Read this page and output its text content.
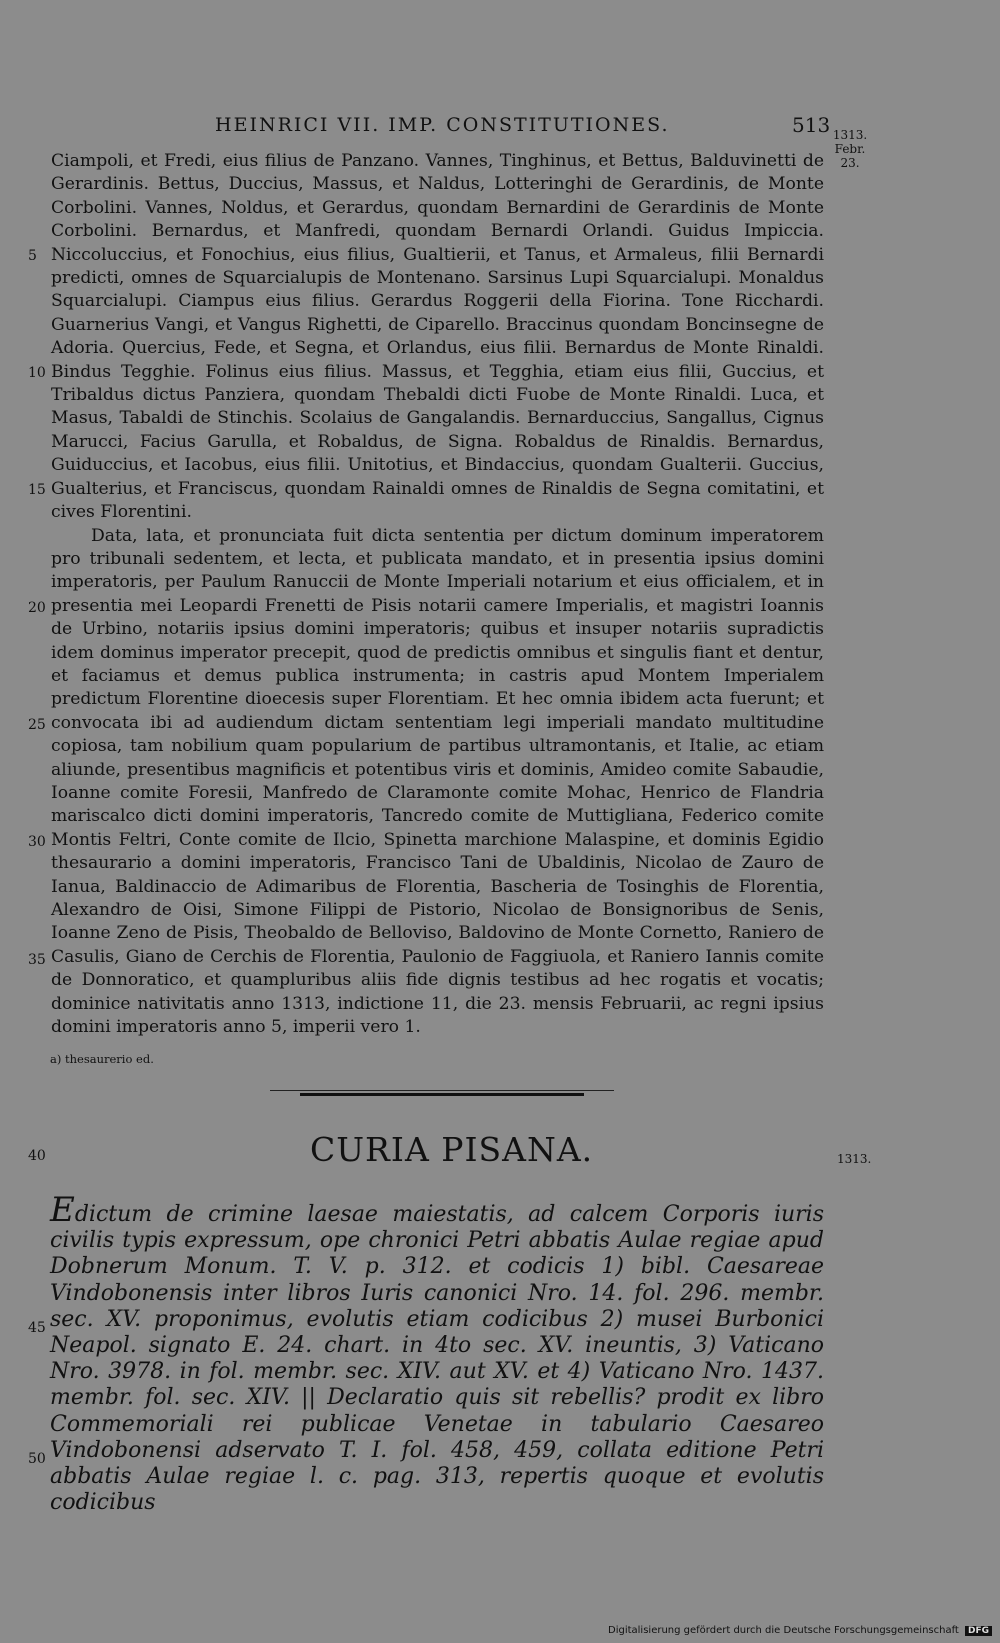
HEINRICI VII. IMP. CONSTITUTIONES.	513 1313.
Febr.
23.
5
10
15
20
25
30
35

Ciampoli, et Fredi, eius filius de Panzano. Vannes, Tinghinus, et Bettus, Balduvinetti de Gerardinis. Bettus, Duccius, Massus, et Naldus, Lotteringhi de Gerardinis, de Monte Corbolini. Vannes, Noldus, et Gerardus, quondam Bernardini de Gerardinis de Monte Corbolini. Bernardus, et Manfredi, quondam Bernardi Orlandi. Guidus Impiccia. Niccoluccius, et Fonochius, eius filius, Gualtierii, et Tanus, et Armaleus, filii Bernardi predicti, omnes de Squarcialupis de Montenano. Sarsinus Lupi Squarcialupi. Monaldus Squarcialupi. Ciampus eius filius. Gerardus Roggerii della Fiorina. Tone Ricchardi. Guarnerius Vangi, et Vangus Righetti, de Ciparello. Braccinus quondam Boncinsegne de Adoria. Quercius, Fede, et Segna, et Orlandus, eius filii. Bernardus de Monte Rinaldi. Bindus Tegghie. Folinus eius filius. Massus, et Tegghia, etiam eius filii, Guccius, et Tribaldus dictus Panziera, quondam Thebaldi dicti Fuobe de Monte Rinaldi. Luca, et Masus, Tabaldi de Stinchis. Scolaius de Gangalandis. Bernarduccius, Sangallus, Cignus Marucci, Facius Garulla, et Robaldus, de Signa. Robaldus de Rinaldis. Bernardus, Guiduccius, et Iacobus, eius filii. Unitotius, et Bindaccius, quondam Gualterii. Guccius, Gualterius, et Franciscus, quondam Rainaldi omnes de Rinaldis de Segna comitatini, et cives Florentini.

Data, lata, et pronunciata fuit dicta sententia per dictum dominum imperatorem pro tribunali sedentem, et lecta, et publicata mandato, et in presentia ipsius domini imperatoris, per Paulum Ranuccii de Monte Imperiali notarium et eius officialem, et in presentia mei Leopardi Frenetti de Pisis notarii camere Imperialis, et magistri Ioannis de Urbino, notariis ipsius domini imperatoris; quibus et insuper notariis supradictis idem dominus imperator precepit, quod de predictis omnibus et singulis fiant et dentur, et faciamus et demus publica instrumenta; in castris apud Montem Imperialem predictum Florentine dioecesis super Florentiam. Et hec omnia ibidem acta fuerunt; et convocata ibi ad audiendum dictam sententiam legi imperiali mandato multitudine copiosa, tam nobilium quam popularium de partibus ultramontanis, et Italie, ac etiam aliunde, presentibus magnificis et potentibus viris et dominis, Amideo comite Sabaudie, Ioanne comite Foresii, Manfredo de Claramonte comite Mohac, Henrico de Flandria mariscalco dicti domini imperatoris, Tancredo comite de Muttigliana, Federico comite Montis Feltri, Conte comite de Ilcio, Spinetta marchione Malaspine, et dominis Egidio thesaurario a domini imperatoris, Francisco Tani de Ubaldinis, Nicolao de Zauro de Ianua, Baldinaccio de Adimaribus de Florentia, Bascheria de Tosinghis de Florentia, Alexandro de Oisi, Simone Filippi de Pistorio, Nicolao de Bonsignoribus de Senis, Ioanne Zeno de Pisis, Theobaldo de Belloviso, Baldovino de Monte Cornetto, Raniero de Casulis, Giano de Cerchis de Florentia, Paulonio de Faggiuola, et Raniero Iannis comite de Donnoratico, et quampluribus aliis fide dignis testibus ad hec rogatis et vocatis; dominice nativitatis anno 1313, indictione 11, die 23. mensis Februarii, ac regni ipsius domini imperatoris anno 5, imperii vero 1.

a) thesaurerio ed.
40	CURIA PISANA.	1313.
45
50
Edictum de crimine laesae maiestatis, ad calcem Corporis iuris civilis typis expressum, ope chronici Petri abbatis Aulae regiae apud Dobnerum Monum. T. V. p. 312. et codicis 1) bibl. Caesareae Vindobonensis inter libros Iuris canonici Nro. 14. fol. 296. membr. sec. XV. proponimus, evolutis etiam codicibus 2) musei Burbonici Neapol. signato E. 24. chart. in 4to sec. XV. ineuntis, 3) Vaticano Nro. 3978. in fol. membr. sec. XIV. aut XV. et 4) Vaticano Nro. 1437. membr. fol. sec. XIV. || Declaratio quis sit rebellis? prodit ex libro Commemoriali rei publicae Venetae in tabulario Caesareo Vindobonensi adservato T. I. fol. 458, 459, collata editione Petri abbatis Aulae regiae l. c. pag. 313, repertis quoque et evolutis codicibus
Digitalisierung gefördert durch die Deutsche Forschungsgemeinschaft DFG
